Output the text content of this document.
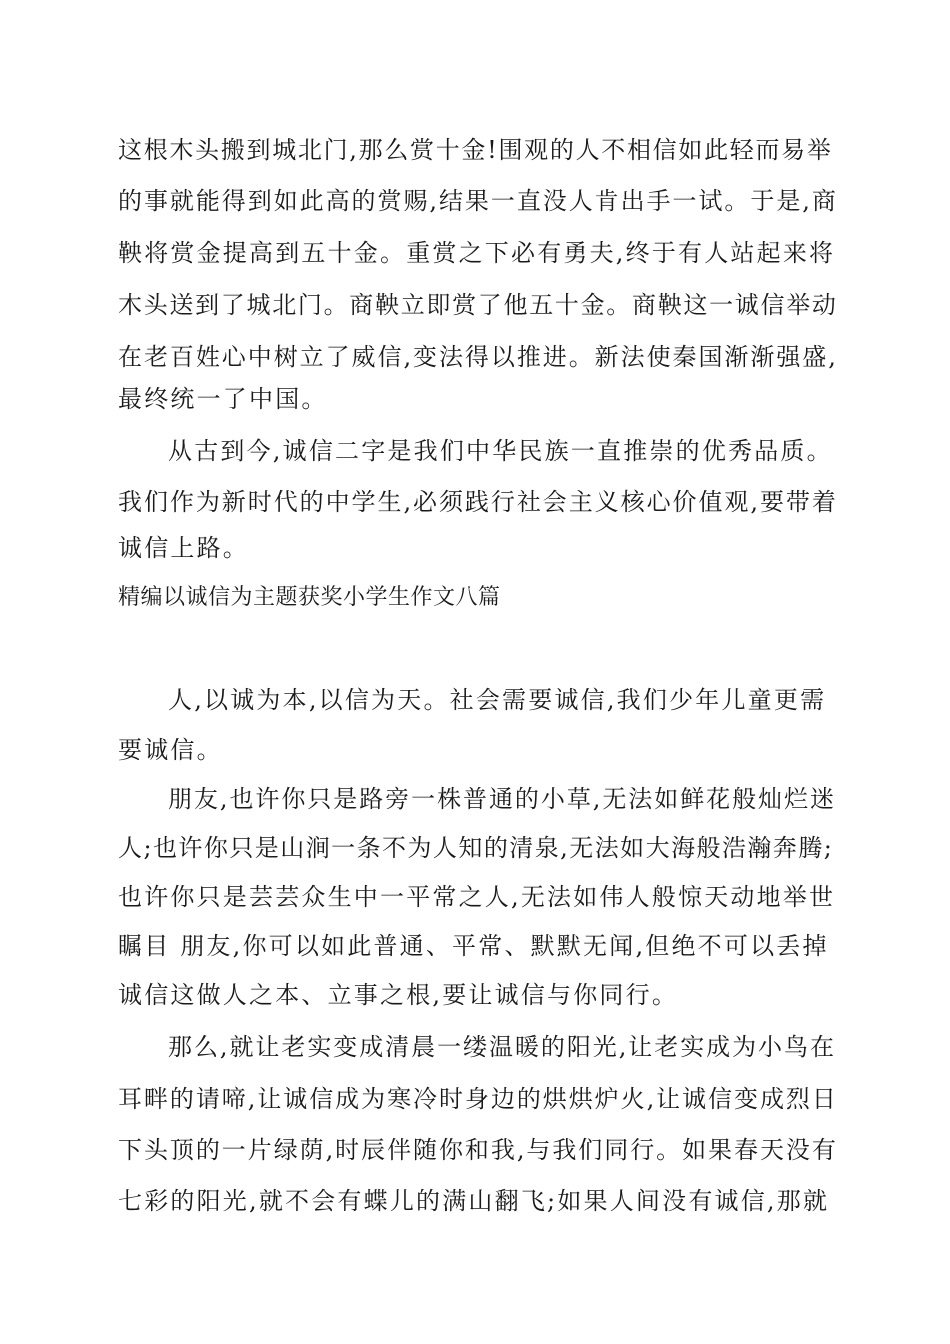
这根木头搬到城北门,那么赏十金!围观的人不相信如此轻而易举
的事就能得到如此高的赏赐,结果一直没人肯出手一试。于是,商
鞅将赏金提高到五十金。重赏之下必有勇夫,终于有人站起来将
木头送到了城北门。商鞅立即赏了他五十金。商鞅这一诚信举动
在老百姓心中树立了威信,变法得以推进。新法使秦国渐渐强盛,
最终统一了中国。
从古到今,诚信二字是我们中华民族一直推崇的优秀品质。
我们作为新时代的中学生,必须践行社会主义核心价值观,要带着
诚信上路。
精编以诚信为主题获奖小学生作文八篇
人,以诚为本,以信为天。社会需要诚信,我们少年儿童更需
要诚信。
朋友,也许你只是路旁一株普通的小草,无法如鲜花般灿烂迷
人;也许你只是山涧一条不为人知的清泉,无法如大海般浩瀚奔腾;
也许你只是芸芸众生中一平常之人,无法如伟人般惊天动地举世
瞩目 朋友,你可以如此普通、平常、默默无闻,但绝不可以丢掉
诚信这做人之本、立事之根,要让诚信与你同行。
那么,就让老实变成清晨一缕温暖的阳光,让老实成为小鸟在
耳畔的请啼,让诚信成为寒冷时身边的烘烘炉火,让诚信变成烈日
下头顶的一片绿荫,时辰伴随你和我,与我们同行。如果春天没有
七彩的阳光,就不会有蝶儿的满山翻飞;如果人间没有诚信,那就
